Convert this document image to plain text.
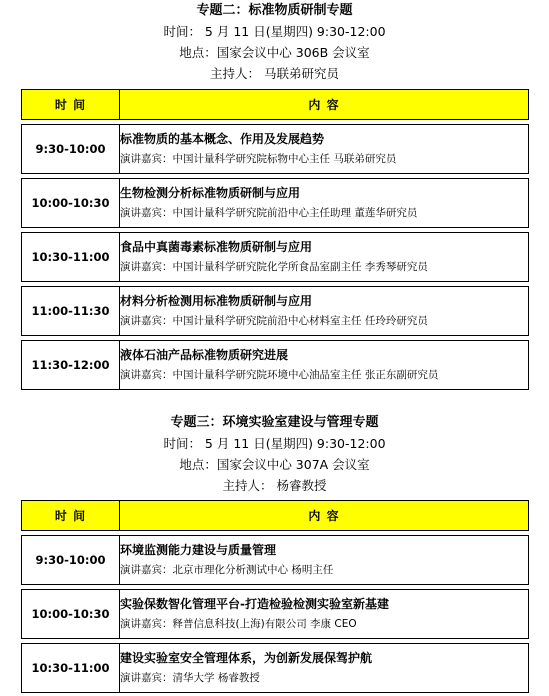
专题二：标准物质研制专题
时间： 5 月 11 日(星期四) 9:30-12:00
地点：国家会议中心 306B 会议室
主持人： 马联弟研究员
时 间	内 容

9:30-10:00	标准物质的基本概念、作用及发展趋势
演讲嘉宾：中国计量科学研究院标物中心主任 马联弟研究员

10:00-10:30	生物检测分析标准物质研制与应用
演讲嘉宾：中国计量科学研究院前沿中心主任助理 董莲华研究员

10:30-11:00	食品中真菌毒素标准物质研制与应用
演讲嘉宾：中国计量科学研究院化学所食品室副主任 李秀琴研究员

11:00-11:30	材料分析检测用标准物质研制与应用
演讲嘉宾：中国计量科学研究院前沿中心材料室主任 任玲玲研究员

11:30-12:00	液体石油产品标准物质研究进展
演讲嘉宾：中国计量科学研究院环境中心油品室主任 张正东副研究员
专题三：环境实验室建设与管理专题
时间： 5 月 11 日(星期四) 9:30-12:00
地点：国家会议中心 307A 会议室
主持人： 杨睿教授
时 间	内 容

9:30-10:00	环境监测能力建设与质量管理
演讲嘉宾：北京市理化分析测试中心 杨明主任

10:00-10:30	实验保数智化管理平台-打造检验检测实验室新基建
演讲嘉宾：释普信息科技(上海)有限公司 李康 CEO

10:30-11:00	建设实验室安全管理体系，为创新发展保驾护航
演讲嘉宾：清华大学 杨睿教授
